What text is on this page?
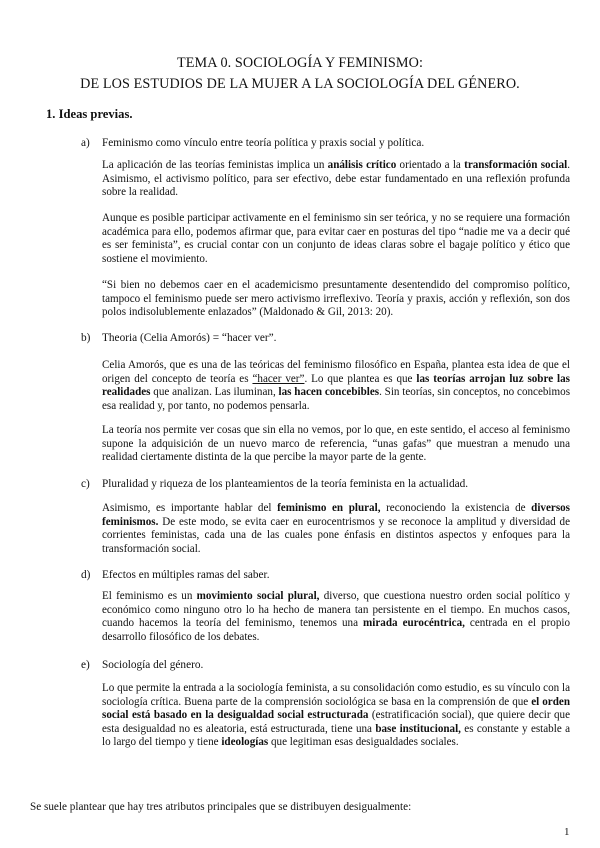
TEMA 0. SOCIOLOGÍA Y FEMINISMO:
DE LOS ESTUDIOS DE LA MUJER A LA SOCIOLOGÍA DEL GÉNERO.
1. Ideas previas.
a) Feminismo como vínculo entre teoría política y praxis social y política.

La aplicación de las teorías feministas implica un análisis crítico orientado a la transformación social. Asimismo, el activismo político, para ser efectivo, debe estar fundamentado en una reflexión profunda sobre la realidad.

Aunque es posible participar activamente en el feminismo sin ser teórica, y no se requiere una formación académica para ello, podemos afirmar que, para evitar caer en posturas del tipo “nadie me va a decir qué es ser feminista”, es crucial contar con un conjunto de ideas claras sobre el bagaje político y ético que sostiene el movimiento.

“Si bien no debemos caer en el academicismo presuntamente desentendido del compromiso político, tampoco el feminismo puede ser mero activismo irreflexivo. Teoría y praxis, acción y reflexión, son dos polos indisolublemente enlazados” (Maldonado & Gil, 2013: 20).

b) Theoria (Celia Amorós) = “hacer ver”.

Celia Amorós, que es una de las teóricas del feminismo filosófico en España, plantea esta idea de que el origen del concepto de teoría es “hacer ver”. Lo que plantea es que las teorías arrojan luz sobre las realidades que analizan. Las iluminan, las hacen concebibles. Sin teorías, sin conceptos, no concebimos esa realidad y, por tanto, no podemos pensarla.

La teoría nos permite ver cosas que sin ella no vemos, por lo que, en este sentido, el acceso al feminismo supone la adquisición de un nuevo marco de referencia, “unas gafas” que muestran a menudo una realidad ciertamente distinta de la que percibe la mayor parte de la gente.

c) Pluralidad y riqueza de los planteamientos de la teoría feminista en la actualidad.

Asimismo, es importante hablar del feminismo en plural, reconociendo la existencia de diversos feminismos. De este modo, se evita caer en eurocentrismos y se reconoce la amplitud y diversidad de corrientes feministas, cada una de las cuales pone énfasis en distintos aspectos y enfoques para la transformación social.

d) Efectos en múltiples ramas del saber.

El feminismo es un movimiento social plural, diverso, que cuestiona nuestro orden social político y económico como ninguno otro lo ha hecho de manera tan persistente en el tiempo. En muchos casos, cuando hacemos la teoría del feminismo, tenemos una mirada eurocéntrica, centrada en el propio desarrollo filosófico de los debates.

e) Sociología del género.

Lo que permite la entrada a la sociología feminista, a su consolidación como estudio, es su vínculo con la sociología crítica. Buena parte de la comprensión sociológica se basa en la comprensión de que el orden social está basado en la desigualdad social estructurada (estratificación social), que quiere decir que esta desigualdad no es aleatoria, está estructurada, tiene una base institucional, es constante y estable a lo largo del tiempo y tiene ideologías que legitiman esas desigualdades sociales.

Se suele plantear que hay tres atributos principales que se distribuyen desigualmente:
1
